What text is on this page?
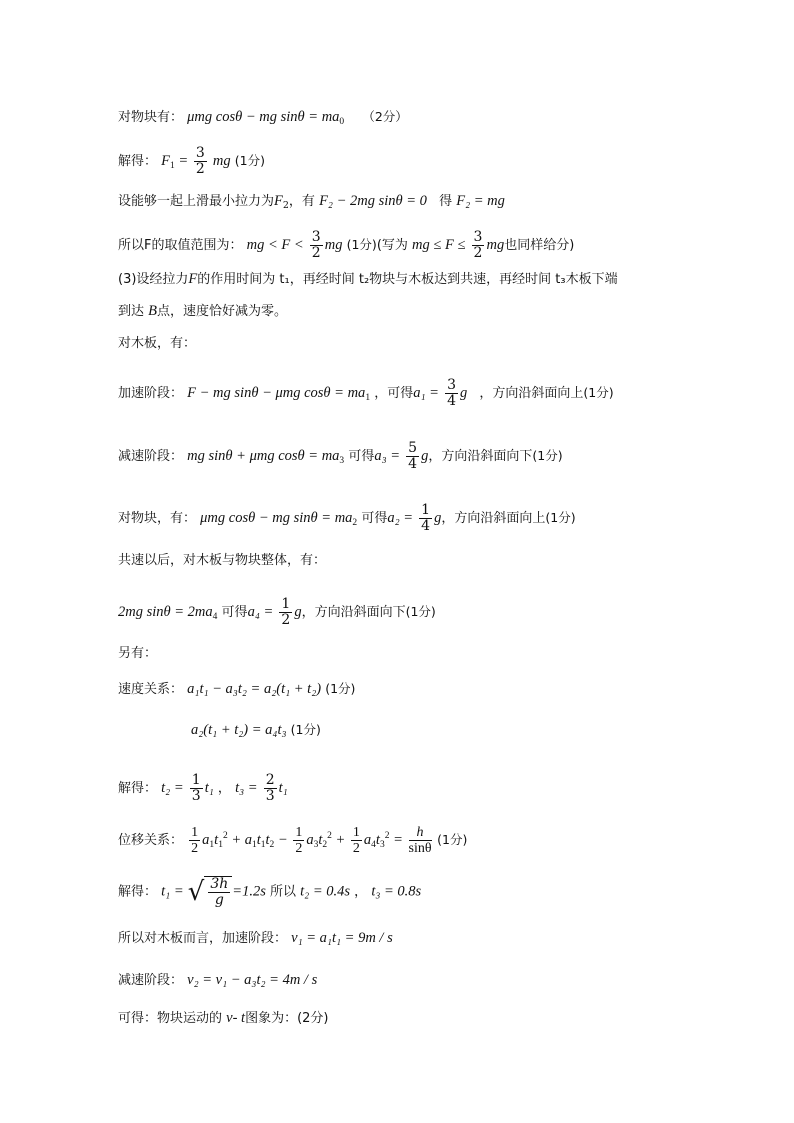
对物块有： μmg cosθ − mg $\sin\theta = ma_0$ （2分）
解得： $F_1 = \frac{3}{2}$ mg (1分)
设能够一起上滑最小拉力为$F_2$，有 F₂ − 2mg sinθ = 0 得 F₂ = mg
所以F的取值范围为： mg < $F < \frac{3}{2}$ mg (1分)(写为 mg ≤ $F \le \frac{3}{2}$ mg也同样给分)
(3)设经拉力F的作用时间为 t₁，再经时间 t₂物块与木板达到共速，再经时间 t₃木板下端
到达 B点，速度恰好减为零。
对木板，有：
加速阶段： F − mg sinθ − μmg $\cos\theta = ma_1$ ，可得$a_1 = \frac{3}{4}$ g ，方向沿斜面向上(1分)
减速阶段： mg sinθ + μmg $\cos\theta = ma_3$ 可得$a_3 = \frac{5}{4}$ g，方向沿斜面向下(1分)
对物块，有： μmg cosθ − mg $\sin\theta = ma_2$ 可得$a_2 = \frac{1}{4}$ g，方向沿斜面向上(1分)
共速以后，对木板与物块整体，有：
2mg $\sin\theta = 2ma_4$ 可得$a_4 = \frac{1}{2}$ g，方向沿斜面向下(1分)
另有：
速度关系： a₁t₁ − a₃t₂ = a₂(t₁ + t₂) (1分)
a₂(t₁ + t₂) = a₄t₃ (1分)
解得： $t_2 = \frac{1}{3} t_1$ ， $t_3 = \frac{2}{3} t_1$
位移关系： $\frac{1}{2} a_1t_1^2 + a_1t_1t_2 - \frac{1}{2} a_3t_2^2 + \frac{1}{2} a_4t_3^2 = \frac{h}{\sin\theta} (1$分)
解得： t₁ = √ $\frac{3h}{g} =1.2s$ 所以 t₂ = 0.4s ， t₃ = 0.8s
所以对木板而言，加速阶段： v₁ = a₁t₁ = 9m / s
减速阶段： v₂ = v₁ − a₃t₂ = 4m / s
可得：物块运动的 v- t图象为：(2分)
